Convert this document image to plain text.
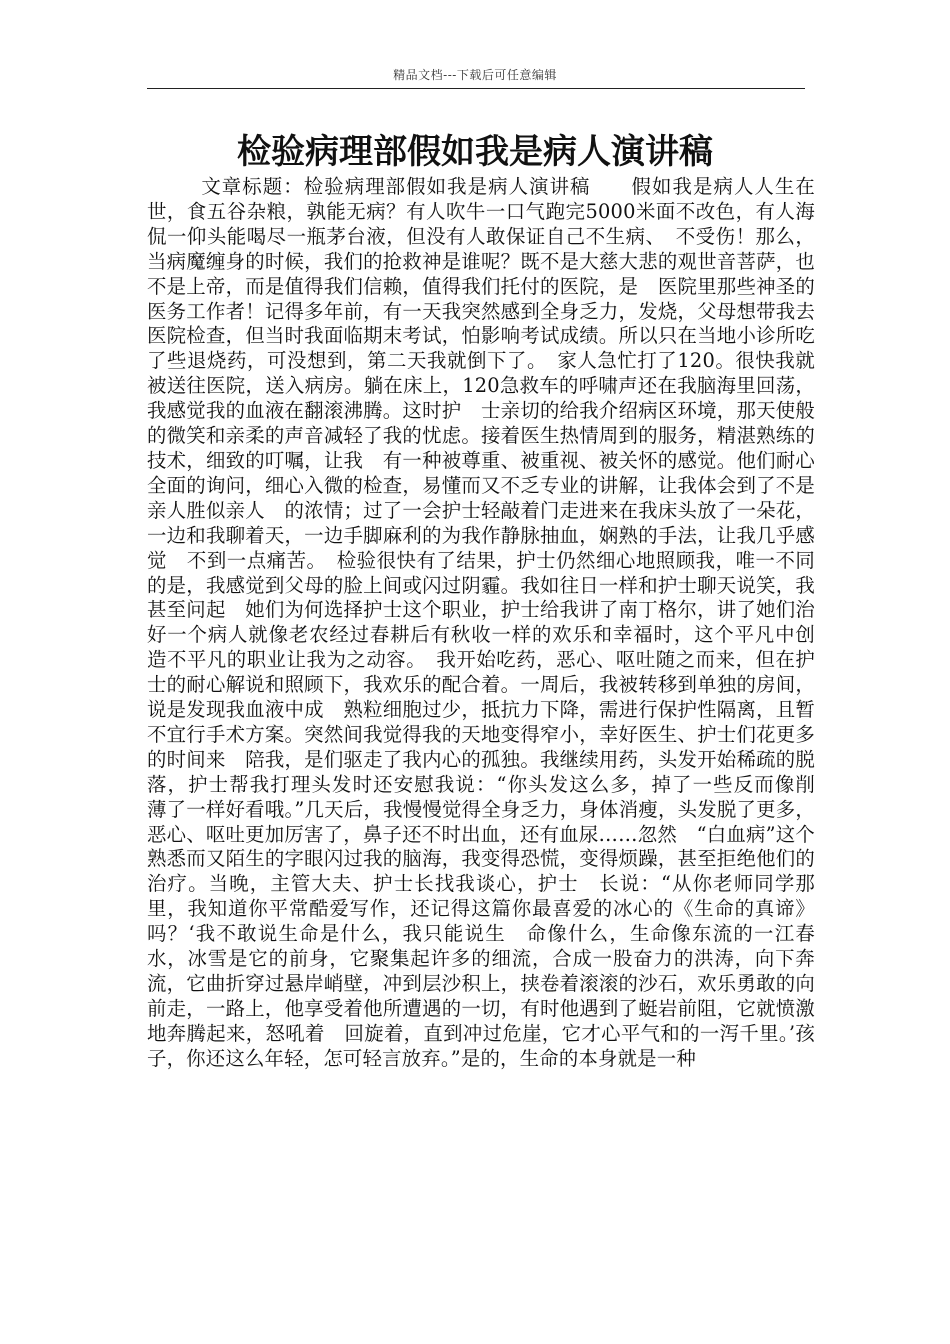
精品文档---下载后可任意编辑
检验病理部假如我是病人演讲稿

文章标题：检验病理部假如我是病人演讲稿　　假如我是病人人生在世，食五谷杂粮，孰能无病？有人吹牛一口气跑完5000米面不改色，有人海侃一仰头能喝尽一瓶茅台液，但没有人敢保证自己不生病、　不受伤！那么，当病魔缠身的时候，我们的抢救神是谁呢？既不是大慈大悲的观世音菩萨，也不是上帝，而是值得我们信赖，值得我们托付的医院，是　医院里那些神圣的医务工作者！记得多年前，有一天我突然感到全身乏力，发烧，父母想带我去医院检查，但当时我面临期末考试，怕影响考试成绩。所以只在当地小诊所吃　了些退烧药，可没想到，第二天我就倒下了。　家人急忙打了120。很快我就被送往医院，送入病房。躺在床上，120急救车的呼啸声还在我脑海里回荡，我感觉我的血液在翻滚沸腾。这时护　士亲切的给我介绍病区环境，那天使般的微笑和亲柔的声音减轻了我的忧虑。接着医生热情周到的服务，精湛熟练的技术，细致的叮嘱，让我　有一种被尊重、被重视、被关怀的感觉。他们耐心全面的询问，细心入微的检查，易懂而又不乏专业的讲解，让我体会到了不是亲人胜似亲人　的浓情；过了一会护士轻敲着门走进来在我床头放了一朵花，一边和我聊着天，一边手脚麻利的为我作静脉抽血，娴熟的手法，让我几乎感觉　不到一点痛苦。　检验很快有了结果，护士仍然细心地照顾我，唯一不同的是，我感觉到父母的脸上间或闪过阴霾。我如往日一样和护士聊天说笑，我甚至问起　她们为何选择护士这个职业，护士给我讲了南丁格尔，讲了她们治好一个病人就像老农经过春耕后有秋收一样的欢乐和幸福时，这个平凡中创　造不平凡的职业让我为之动容。　我开始吃药，恶心、呕吐随之而来，但在护士的耐心解说和照顾下，我欢乐的配合着。一周后，我被转移到单独的房间，说是发现我血液中成　熟粒细胞过少，抵抗力下降，需进行保护性隔离，且暂不宜行手术方案。突然间我觉得我的天地变得窄小，幸好医生、护士们花更多的时间来　陪我，是们驱走了我内心的孤独。我继续用药，头发开始稀疏的脱落，护士帮我打理头发时还安慰我说：“你头发这么多，掉了一些反而像削　薄了一样好看哦。”几天后，我慢慢觉得全身乏力，身体消瘦，头发脱了更多，恶心、呕吐更加厉害了，鼻子还不时出血，还有血尿……忽然　“白血病”这个熟悉而又陌生的字眼闪过我的脑海，我变得恐慌，变得烦躁，甚至拒绝他们的治疗。当晚，主管大夫、护士长找我谈心，护士　长说：“从你老师同学那里，我知道你平常酷爱写作，还记得这篇你最喜爱的冰心的《生命的真谛》吗？‘我不敢说生命是什么，我只能说生　命像什么，生命像东流的一江春水，冰雪是它的前身，它聚集起许多的细流，合成一股奋力的洪涛，向下奔流，它曲折穿过悬岸峭壁，冲到层沙积上，挟卷着滚滚的沙石，欢乐勇敢的向前走，一路上，他享受着他所遭遇的一切，有时他遇到了蜓岩前阻，它就愤激地奔腾起来，怒吼着　回旋着，直到冲过危崖，它才心平气和的一泻千里。’孩子，你还这么年轻，怎可轻言放弃。”是的，生命的本身就是一种
